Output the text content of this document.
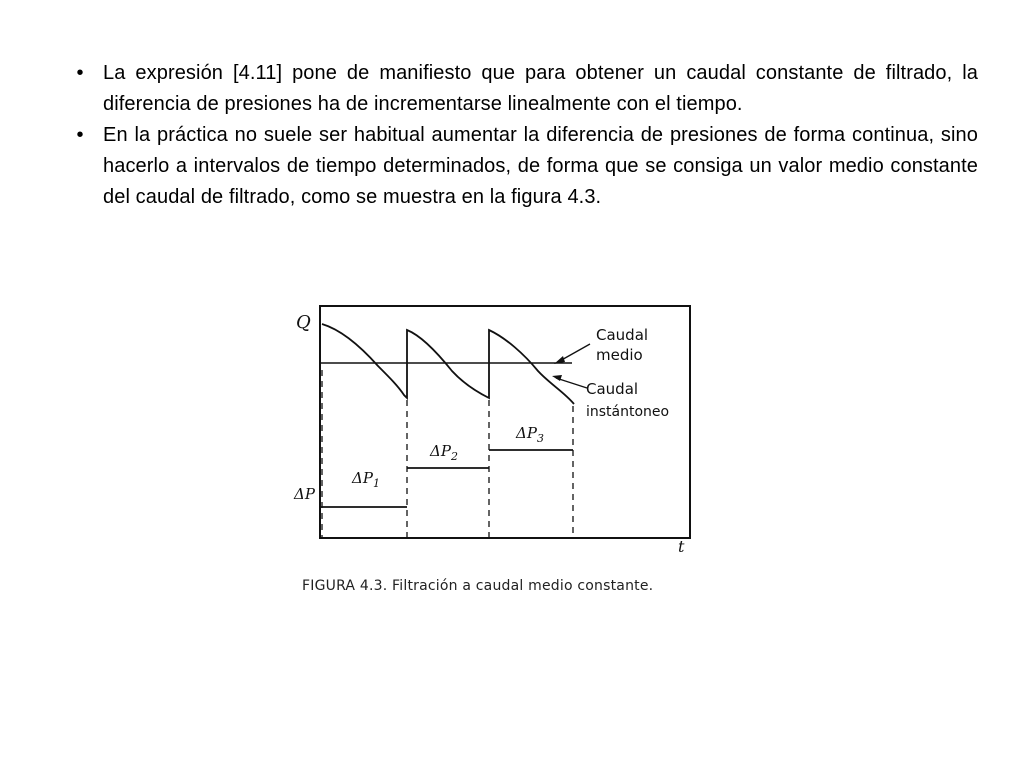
• La expresión [4.11] pone de manifiesto que para obtener un caudal constante de filtrado, la diferencia de presiones ha de incrementarse linealmente con el tiempo.
• En la práctica no suele ser habitual aumentar la diferencia de presiones de forma continua, sino hacerlo a intervalos de tiempo determinados, de forma que se consiga un valor medio constante del caudal de filtrado, como se muestra en la figura 4.3.
Q
ΔP
t
Caudal
medio
Caudal
instántoneo
$\Delta P_1$
$\Delta P_2$
$\Delta P_3$
FIGURA 4.3. Filtración a caudal medio constante.
